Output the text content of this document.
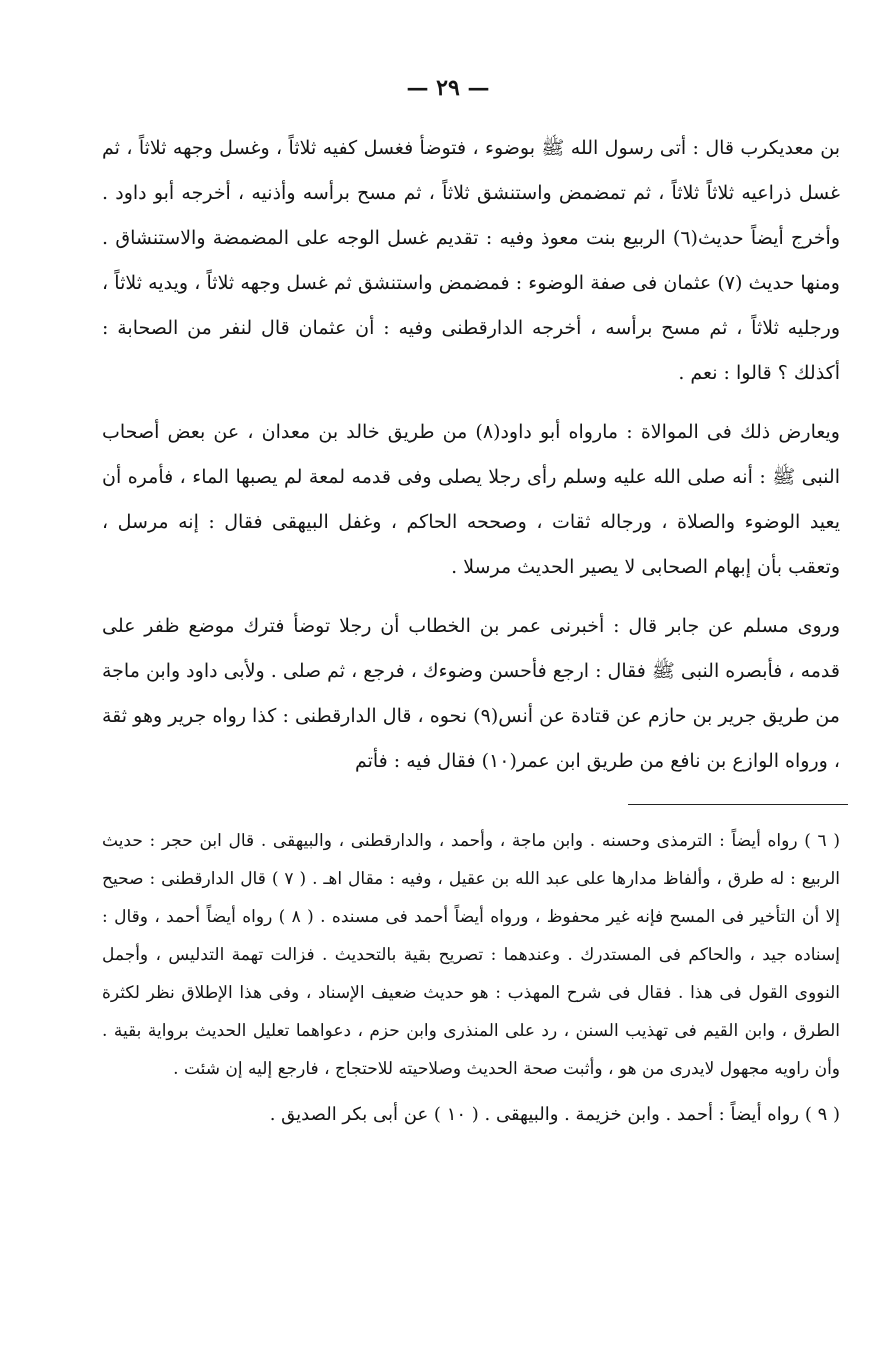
— ٢٩ —

بن معديكرب قال : أتى رسول الله ﷺ بوضوء ، فتوضأ فغسل كفيه ثلاثاً ، وغسل وجهه ثلاثاً ، ثم غسل ذراعيه ثلاثاً ثلاثاً ، ثم تمضمض واستنشق ثلاثاً ، ثم مسح برأسه وأذنيه ، أخرجه أبو داود . وأخرج أيضاً حديث(٦) الربيع بنت معوذ وفيه : تقديم غسل الوجه على المضمضة والاستنشاق . ومنها حديث (٧) عثمان فى صفة الوضوء : فمضمض واستنشق ثم غسل وجهه ثلاثاً ، ويديه ثلاثاً ، ورجليه ثلاثاً ، ثم مسح برأسه ، أخرجه الدارقطنى وفيه : أن عثمان قال لنفر من الصحابة : أكذلك ؟ قالوا : نعم .

ويعارض ذلك فى الموالاة : مارواه أبو داود(٨) من طريق خالد بن معدان ، عن بعض أصحاب النبى ﷺ : أنه صلى الله عليه وسلم رأى رجلا يصلى وفى قدمه لمعة لم يصبها الماء ، فأمره أن يعيد الوضوء والصلاة ، ورجاله ثقات ، وصححه الحاكم ، وغفل البيهقى فقال : إنه مرسل ، وتعقب بأن إبهام الصحابى لا يصير الحديث مرسلا .

وروى مسلم عن جابر قال : أخبرنى عمر بن الخطاب أن رجلا توضأ فترك موضع ظفر على قدمه ، فأبصره النبى ﷺ فقال : ارجع فأحسن وضوءك ، فرجع ، ثم صلى . ولأبى داود وابن ماجة من طريق جرير بن حازم عن قتادة عن أنس(٩) نحوه ، قال الدارقطنى : كذا رواه جرير وهو ثقة ، ورواه الوازع بن نافع من طريق ابن عمر(١٠) فقال فيه : فأتم

( ٦ ) رواه أيضاً : الترمذى وحسنه . وابن ماجة ، وأحمد ، والدارقطنى ، والبيهقى . قال ابن حجر : حديث الربيع : له طرق ، وألفاظ مدارها على عبد الله بن عقيل ، وفيه : مقال اهـ . ( ٧ ) قال الدارقطنى : صحيح إلا أن التأخير فى المسح فإنه غير محفوظ ، ورواه أيضاً أحمد فى مسنده . ( ٨ ) رواه أيضاً أحمد ، وقال : إسناده جيد ، والحاكم فى المستدرك . وعندهما : تصريح بقية بالتحديث . فزالت تهمة التدليس ، وأجمل النووى القول فى هذا . فقال فى شرح المهذب : هو حديث ضعيف الإسناد ، وفى هذا الإطلاق نظر لكثرة الطرق ، وابن القيم فى تهذيب السنن ، رد على المنذرى وابن حزم ، دعواهما تعليل الحديث برواية بقية . وأن راويه مجهول لايدرى من هو ، وأثبت صحة الحديث وصلاحيته للاحتجاج ، فارجع إليه إن شئت .

( ٩ ) رواه أيضاً : أحمد . وابن خزيمة . والبيهقى . ( ١٠ ) عن أبى بكر الصديق .
